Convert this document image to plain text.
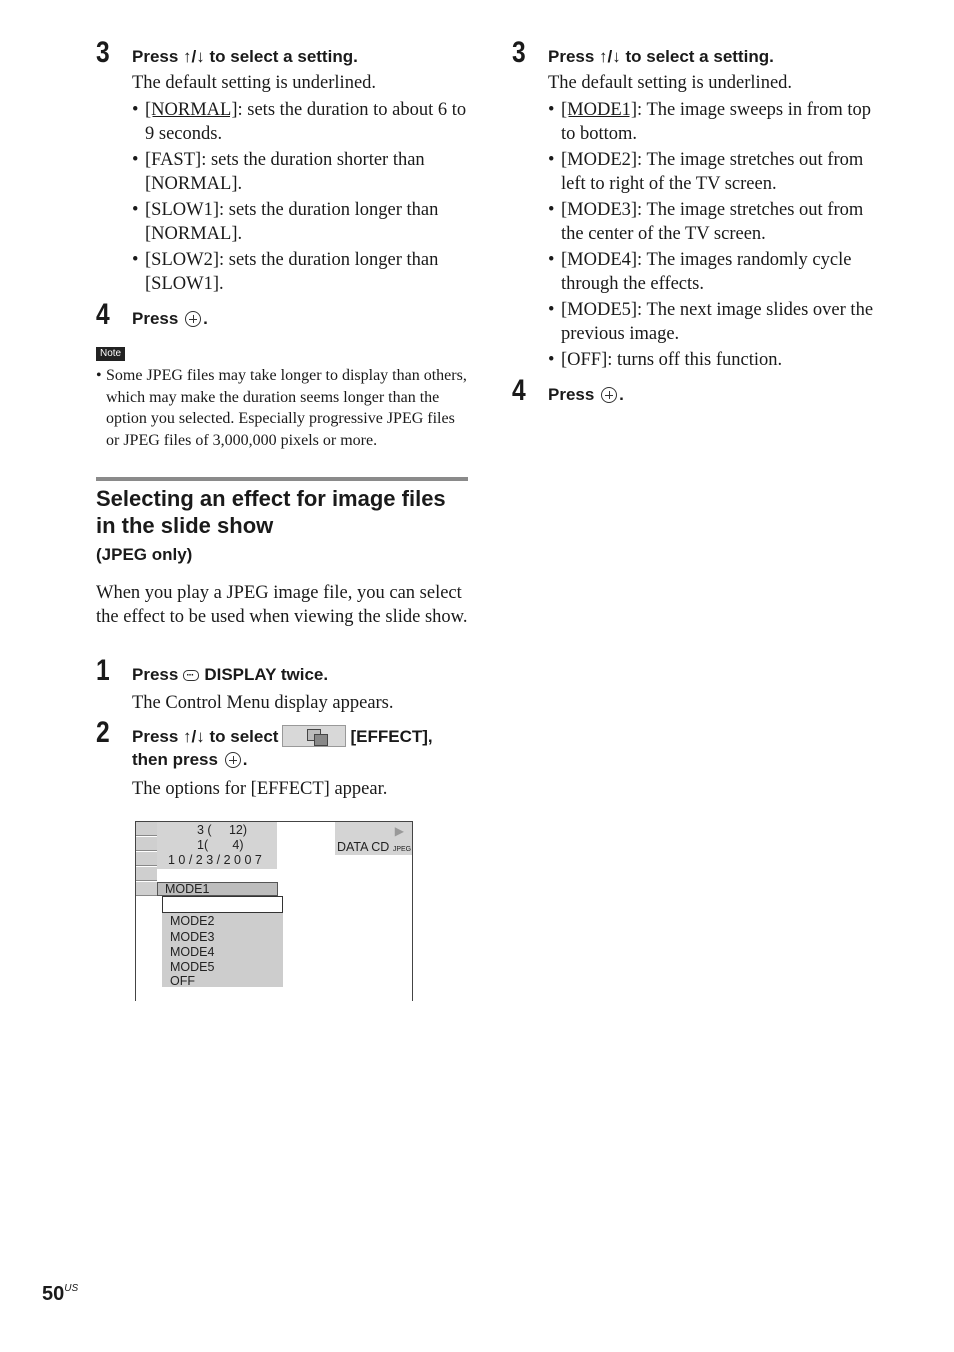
3 Press ↑/↓ to select a setting.

The default setting is underlined.

• [NORMAL]: sets the duration to about 6 to 9 seconds.
• [FAST]: sets the duration shorter than [NORMAL].
• [SLOW1]: sets the duration longer than [NORMAL].
• [SLOW2]: sets the duration longer than [SLOW1].
4 Press .
1 Press··· DISPLAY twice.
The Control Menu display appears.
2 Press ↑/↓ to select	[EFFECT],
then press .
The options for [EFFECT] appear.
Note
• Some JPEG files may take longer to display than others, which may make the duration seems longer than the option you selected. Especially progressive JPEG files or JPEG files of 3,000,000 pixels or more.
Selecting an effect for image files in the slide show
(JPEG only)

When you play a JPEG image file, you can select the effect to be used when viewing the slide show.

3 (     12)
1(       4)
1 0 / 2 3 / 2 0 0 7
▶
DATA CD JPEG
MODE1
MODE2
MODE3
MODE4
MODE5
OFF
3 Press ↑/↓ to select a setting.

The default setting is underlined.

• [MODE1]: The image sweeps in from top to bottom.
• [MODE2]: The image stretches out from left to right of the TV screen.
• [MODE3]: The image stretches out from the center of the TV screen.
• [MODE4]: The images randomly cycle through the effects.
• [MODE5]: The next image slides over the previous image.
• [OFF]: turns off this function.
4 Press .
$50^{US}$
